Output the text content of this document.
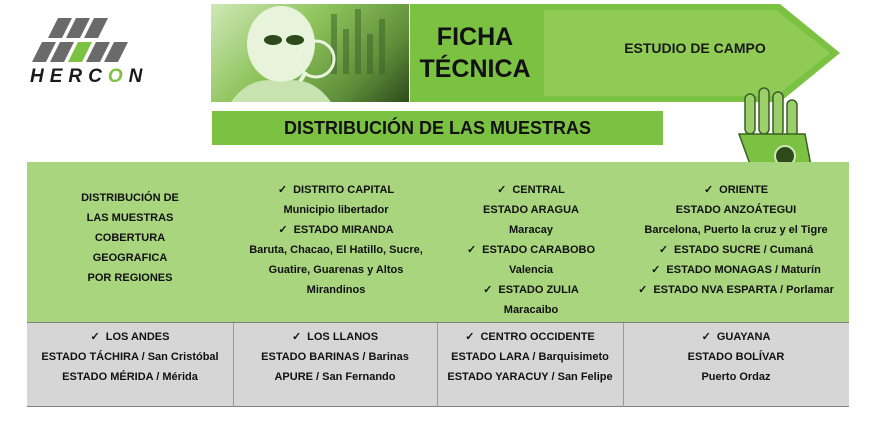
HERCON
FICHA
TÉCNICA
ESTUDIO DE CAMPO
DISTRIBUCIÓN DE LAS MUESTRAS
DISTRIBUCIÓN DE
LAS MUESTRAS
COBERTURA
GEOGRAFICA
POR REGIONES
✓ DISTRITO CAPITAL
Municipio libertador
✓ ESTADO MIRANDA
Baruta, Chacao, El Hatillo, Sucre,
Guatire, Guarenas y Altos
Mirandinos
✓ CENTRAL
ESTADO ARAGUA
Maracay
✓ ESTADO CARABOBO
Valencia
✓ ESTADO ZULIA
Maracaibo
✓ ORIENTE
ESTADO ANZOÁTEGUI
Barcelona, Puerto la cruz y el Tigre
✓ ESTADO SUCRE / Cumaná
✓ ESTADO MONAGAS / Maturín
✓ ESTADO NVA ESPARTA / Porlamar
✓ LOS ANDES
ESTADO TÁCHIRA / San Cristóbal
ESTADO MÉRIDA / Mérida
✓ LOS LLANOS
ESTADO BARINAS / Barinas
APURE / San Fernando
✓ CENTRO OCCIDENTE
ESTADO LARA / Barquisimeto
ESTADO YARACUY / San Felipe
✓ GUAYANA
ESTADO BOLÍVAR
Puerto Ordaz
